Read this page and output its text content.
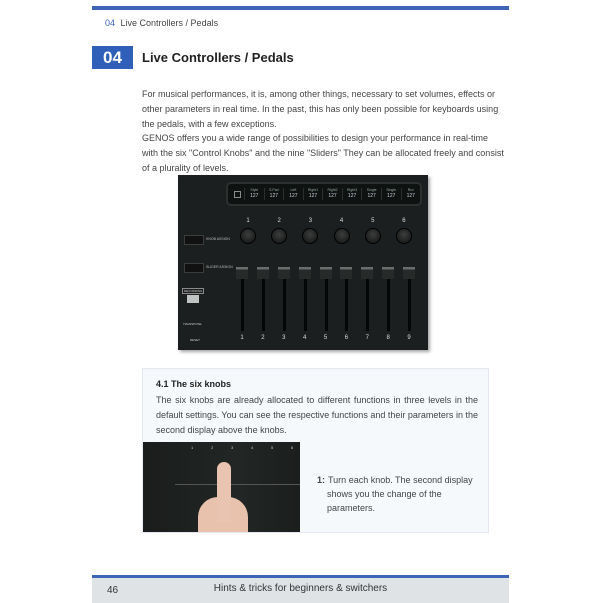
04 Live Controllers / Pedals
04	Live Controllers / Pedals

For musical performances, it is, among other things, necessary to set volumes, effects or other parameters in real time. In the past, this has only been possible for keyboards using the pedals, with a few exceptions.

GENOS offers you a wide range of possibilities to design your performance in real-time with the six "Control Knobs" and the nine "Sliders" They can be allocated freely and consist of a plurality of levels.

Style
127
S.Pad
127
Left
127
Right1
127
Right2
127
Right3
127
Single
127
Single
127
Rcv
127
KNOB ASSIGN
SLIDER ASSIGN
RECORDING
TRANSPOSE
RESET
1	2	3	4	5	6
1	2	3	4	5	6	7	8	9
4.1 The six knobs

The six knobs are already allocated to different functions in three levels in the default settings. You can see the respective functions and their parameters in the second display above the knobs.

1	2	3	4	5	6
1: Turn each knob. The second display
shows you the change of the parameters.
46	Hints & tricks for beginners & switchers
